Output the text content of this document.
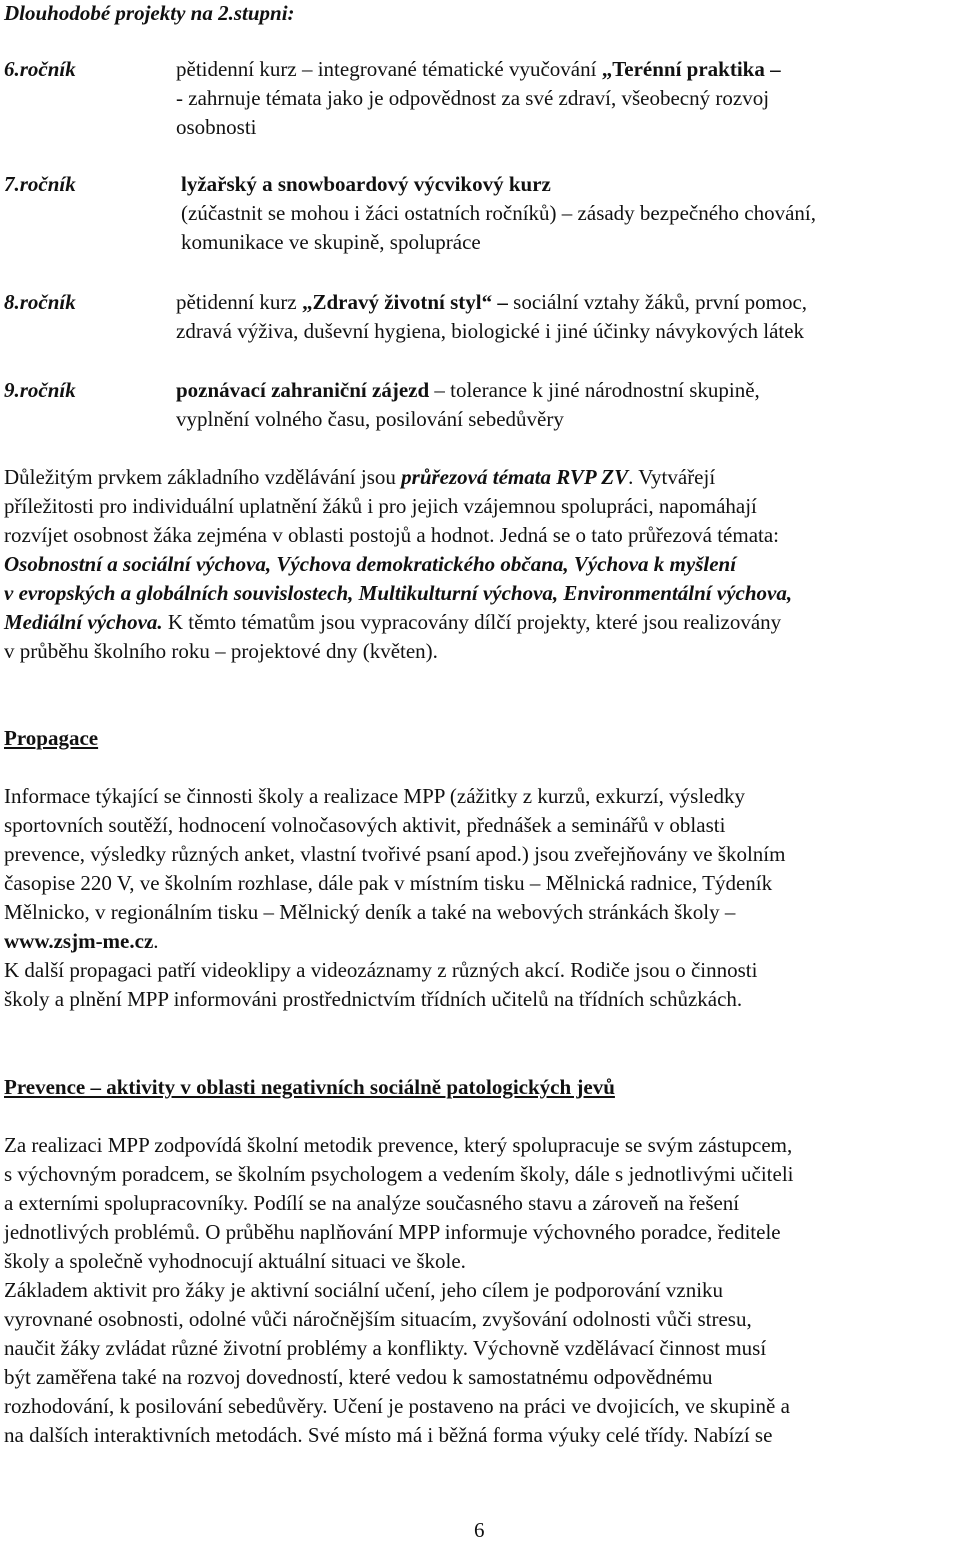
Dlouhodobé projekty na 2.stupni:
6.ročník	pětidenní kurz – integrované tématické vyučování „Terénní praktika –
- zahrnuje témata jako je odpovědnost za své zdraví, všeobecný rozvoj
osobnosti
7.ročník	lyžařský a snowboardový výcvikový kurz
(zúčastnit se mohou i žáci ostatních ročníků) – zásady bezpečného chování,
komunikace ve skupině, spolupráce
8.ročník	pětidenní kurz „Zdravý životní styl“ – sociální vztahy žáků, první pomoc,
zdravá výživa, duševní hygiena, biologické i jiné účinky návykových látek
9.ročník	poznávací zahraniční zájezd – tolerance k jiné národnostní skupině,
vyplnění volného času, posilování sebedůvěry
Důležitým prvkem základního vzdělávání jsou průřezová témata RVP ZV. Vytvářejí
příležitosti pro individuální uplatnění žáků i pro jejich vzájemnou spolupráci, napomáhají
rozvíjet osobnost žáka zejména v oblasti postojů a hodnot. Jedná se o tato průřezová témata:
Osobnostní a sociální výchova, Výchova demokratického občana, Výchova k myšlení
v evropských a globálních souvislostech, Multikulturní výchova, Environmentální výchova,
Mediální výchova. K těmto tématům jsou vypracovány dílčí projekty, které jsou realizovány
v průběhu školního roku – projektové dny (květen).
Propagace
Informace týkající se činnosti školy a realizace MPP (zážitky z kurzů, exkurzí, výsledky
sportovních soutěží, hodnocení volnočasových aktivit, přednášek a seminářů v oblasti
prevence, výsledky různých anket, vlastní tvořivé psaní apod.) jsou zveřejňovány ve školním
časopise 220 V, ve školním rozhlase, dále pak v místním tisku – Mělnická radnice, Týdeník
Mělnicko, v regionálním tisku – Mělnický deník a také na webových stránkách školy –
www.zsjm-me.cz.
K další propagaci patří videoklipy a videozáznamy z různých akcí. Rodiče jsou o činnosti
školy a plnění MPP informováni prostřednictvím třídních učitelů na třídních schůzkách.
Prevence – aktivity v oblasti negativních sociálně patologických jevů
Za realizaci MPP zodpovídá školní metodik prevence, který spolupracuje se svým zástupcem,
s výchovným poradcem, se školním psychologem a vedením školy, dále s jednotlivými učiteli
a externími spolupracovníky. Podílí se na analýze současného stavu a zároveň na řešení
jednotlivých problémů. O průběhu naplňování MPP informuje výchovného poradce, ředitele
školy a společně vyhodnocují aktuální situaci ve škole.
Základem aktivit pro žáky je aktivní sociální učení, jeho cílem je podporování vzniku
vyrovnané osobnosti, odolné vůči náročnějším situacím, zvyšování odolnosti vůči stresu,
naučit žáky zvládat různé životní problémy a konflikty. Výchovně vzdělávací činnost musí
být zaměřena také na rozvoj dovedností, které vedou k samostatnému odpovědnému
rozhodování, k posilování sebedůvěry. Učení je postaveno na práci ve dvojicích, ve skupině a
na dalších interaktivních metodách. Své místo má i běžná forma výuky celé třídy. Nabízí se
6
